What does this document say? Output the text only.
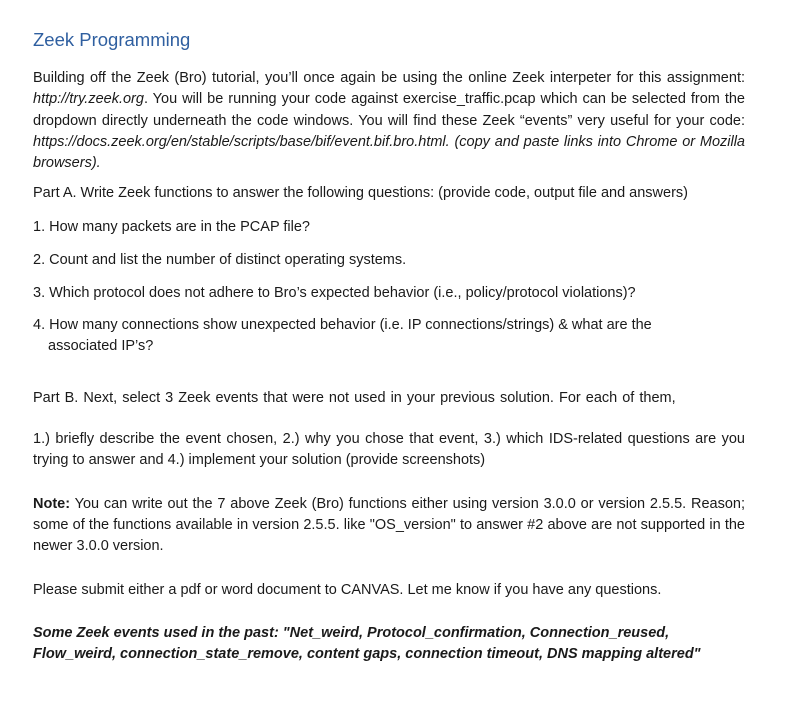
Zeek Programming

Building off the Zeek (Bro) tutorial, you’ll once again be using the online Zeek interpeter for this assignment: http://try.zeek.org. You will be running your code against exercise_traffic.pcap which can be selected from the dropdown directly underneath the code windows. You will find these Zeek “events” very useful for your code: https://docs.zeek.org/en/stable/scripts/base/bif/event.bif.bro.html. (copy and paste links into Chrome or Mozilla browsers).

Part A. Write Zeek functions to answer the following questions: (provide code, output file and answers)

1. How many packets are in the PCAP file?
2. Count and list the number of distinct operating systems.
3. Which protocol does not adhere to Bro’s expected behavior (i.e., policy/protocol violations)?
4. How many connections show unexpected behavior (i.e. IP connections/strings) & what are the associated IP’s?

Part B. Next, select 3 Zeek events that were not used in your previous solution. For each of them,

1.) briefly describe the event chosen, 2.) why you chose that event, 3.) which IDS-related questions are you trying to answer and 4.) implement your solution (provide screenshots)

Note: You can write out the 7 above Zeek (Bro) functions either using version 3.0.0 or version 2.5.5. Reason; some of the functions available in version 2.5.5. like "OS_version" to answer #2 above are not supported in the newer 3.0.0 version.

Please submit either a pdf or word document to CANVAS. Let me know if you have any questions.

Some Zeek events used in the past: "Net_weird, Protocol_confirmation, Connection_reused, Flow_weird, connection_state_remove, content gaps, connection timeout, DNS mapping altered"
